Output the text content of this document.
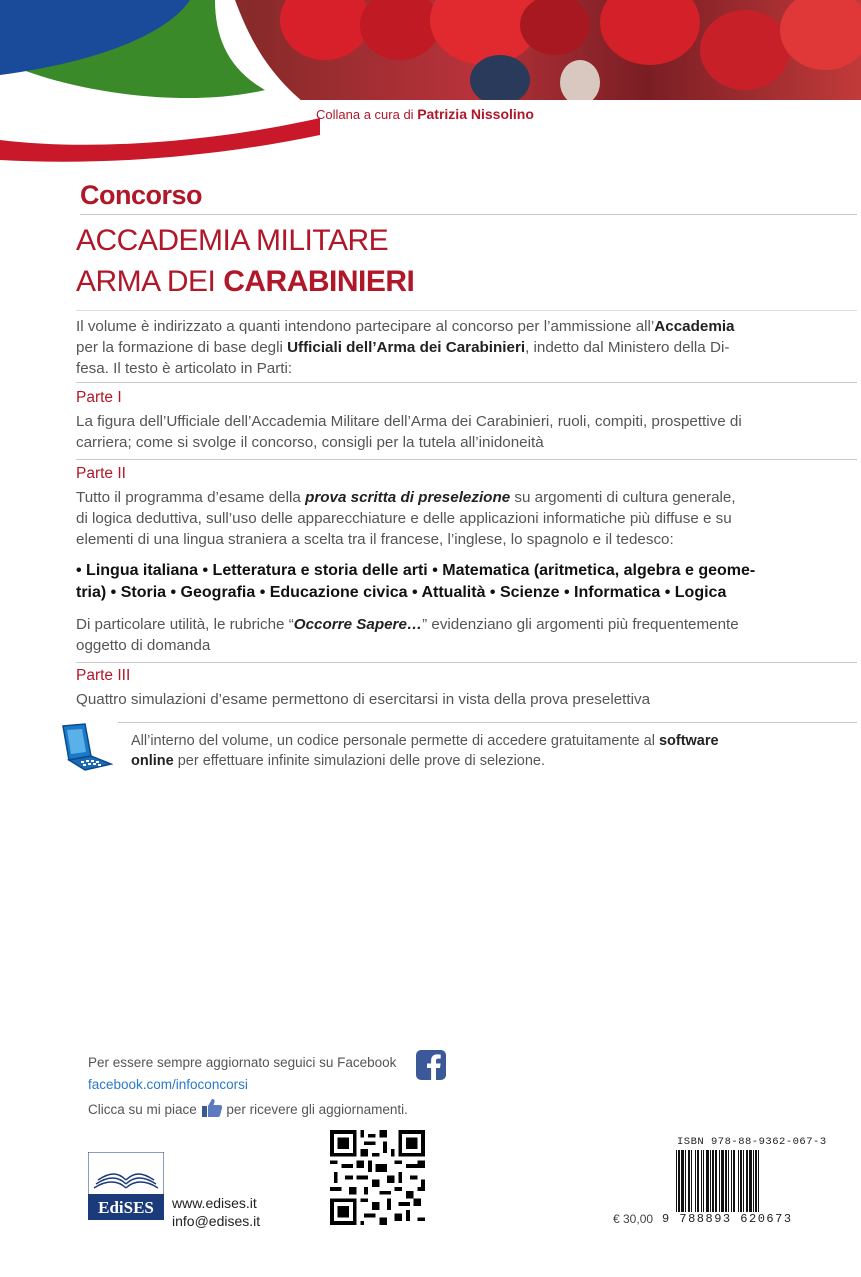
Collana a cura di Patrizia Nissolino
Concorso
ACCADEMIA MILITARE
ARMA DEI CARABINIERI
Il volume è indirizzato a quanti intendono partecipare al concorso per l’ammissione all’Accademia
per la formazione di base degli Ufficiali dell’Arma dei Carabinieri, indetto dal Ministero della Di-
fesa. Il testo è articolato in Parti:
Parte I
La figura dell’Ufficiale dell’Accademia Militare dell’Arma dei Carabinieri, ruoli, compiti, prospettive di
carriera; come si svolge il concorso, consigli per la tutela all’inidoneità
Parte II
Tutto il programma d’esame della prova scritta di preselezione su argomenti di cultura generale,
di logica deduttiva, sull’uso delle apparecchiature e delle applicazioni informatiche più diffuse e su
elementi di una lingua straniera a scelta tra il francese, l’inglese, lo spagnolo e il tedesco:
• Lingua italiana • Letteratura e storia delle arti • Matematica (aritmetica, algebra e geome-
tria) • Storia • Geografia • Educazione civica • Attualità • Scienze • Informatica • Logica
Di particolare utilità, le rubriche “Occorre Sapere…” evidenziano gli argomenti più frequentemente
oggetto di domanda
Parte III
Quattro simulazioni d’esame permettono di esercitarsi in vista della prova preselettiva
All’interno del volume, un codice personale permette di accedere gratuitamente al software
online per effettuare infinite simulazioni delle prove di selezione.
Per essere sempre aggiornato seguici su Facebook
facebook.com/infoconcorsi
Clicca su mi piace per ricevere gli aggiornamenti.
EdiSES www.edises.it
info@edises.it
ISBN 978-88-9362-067-3
9 788893 620673
€ 30,00
